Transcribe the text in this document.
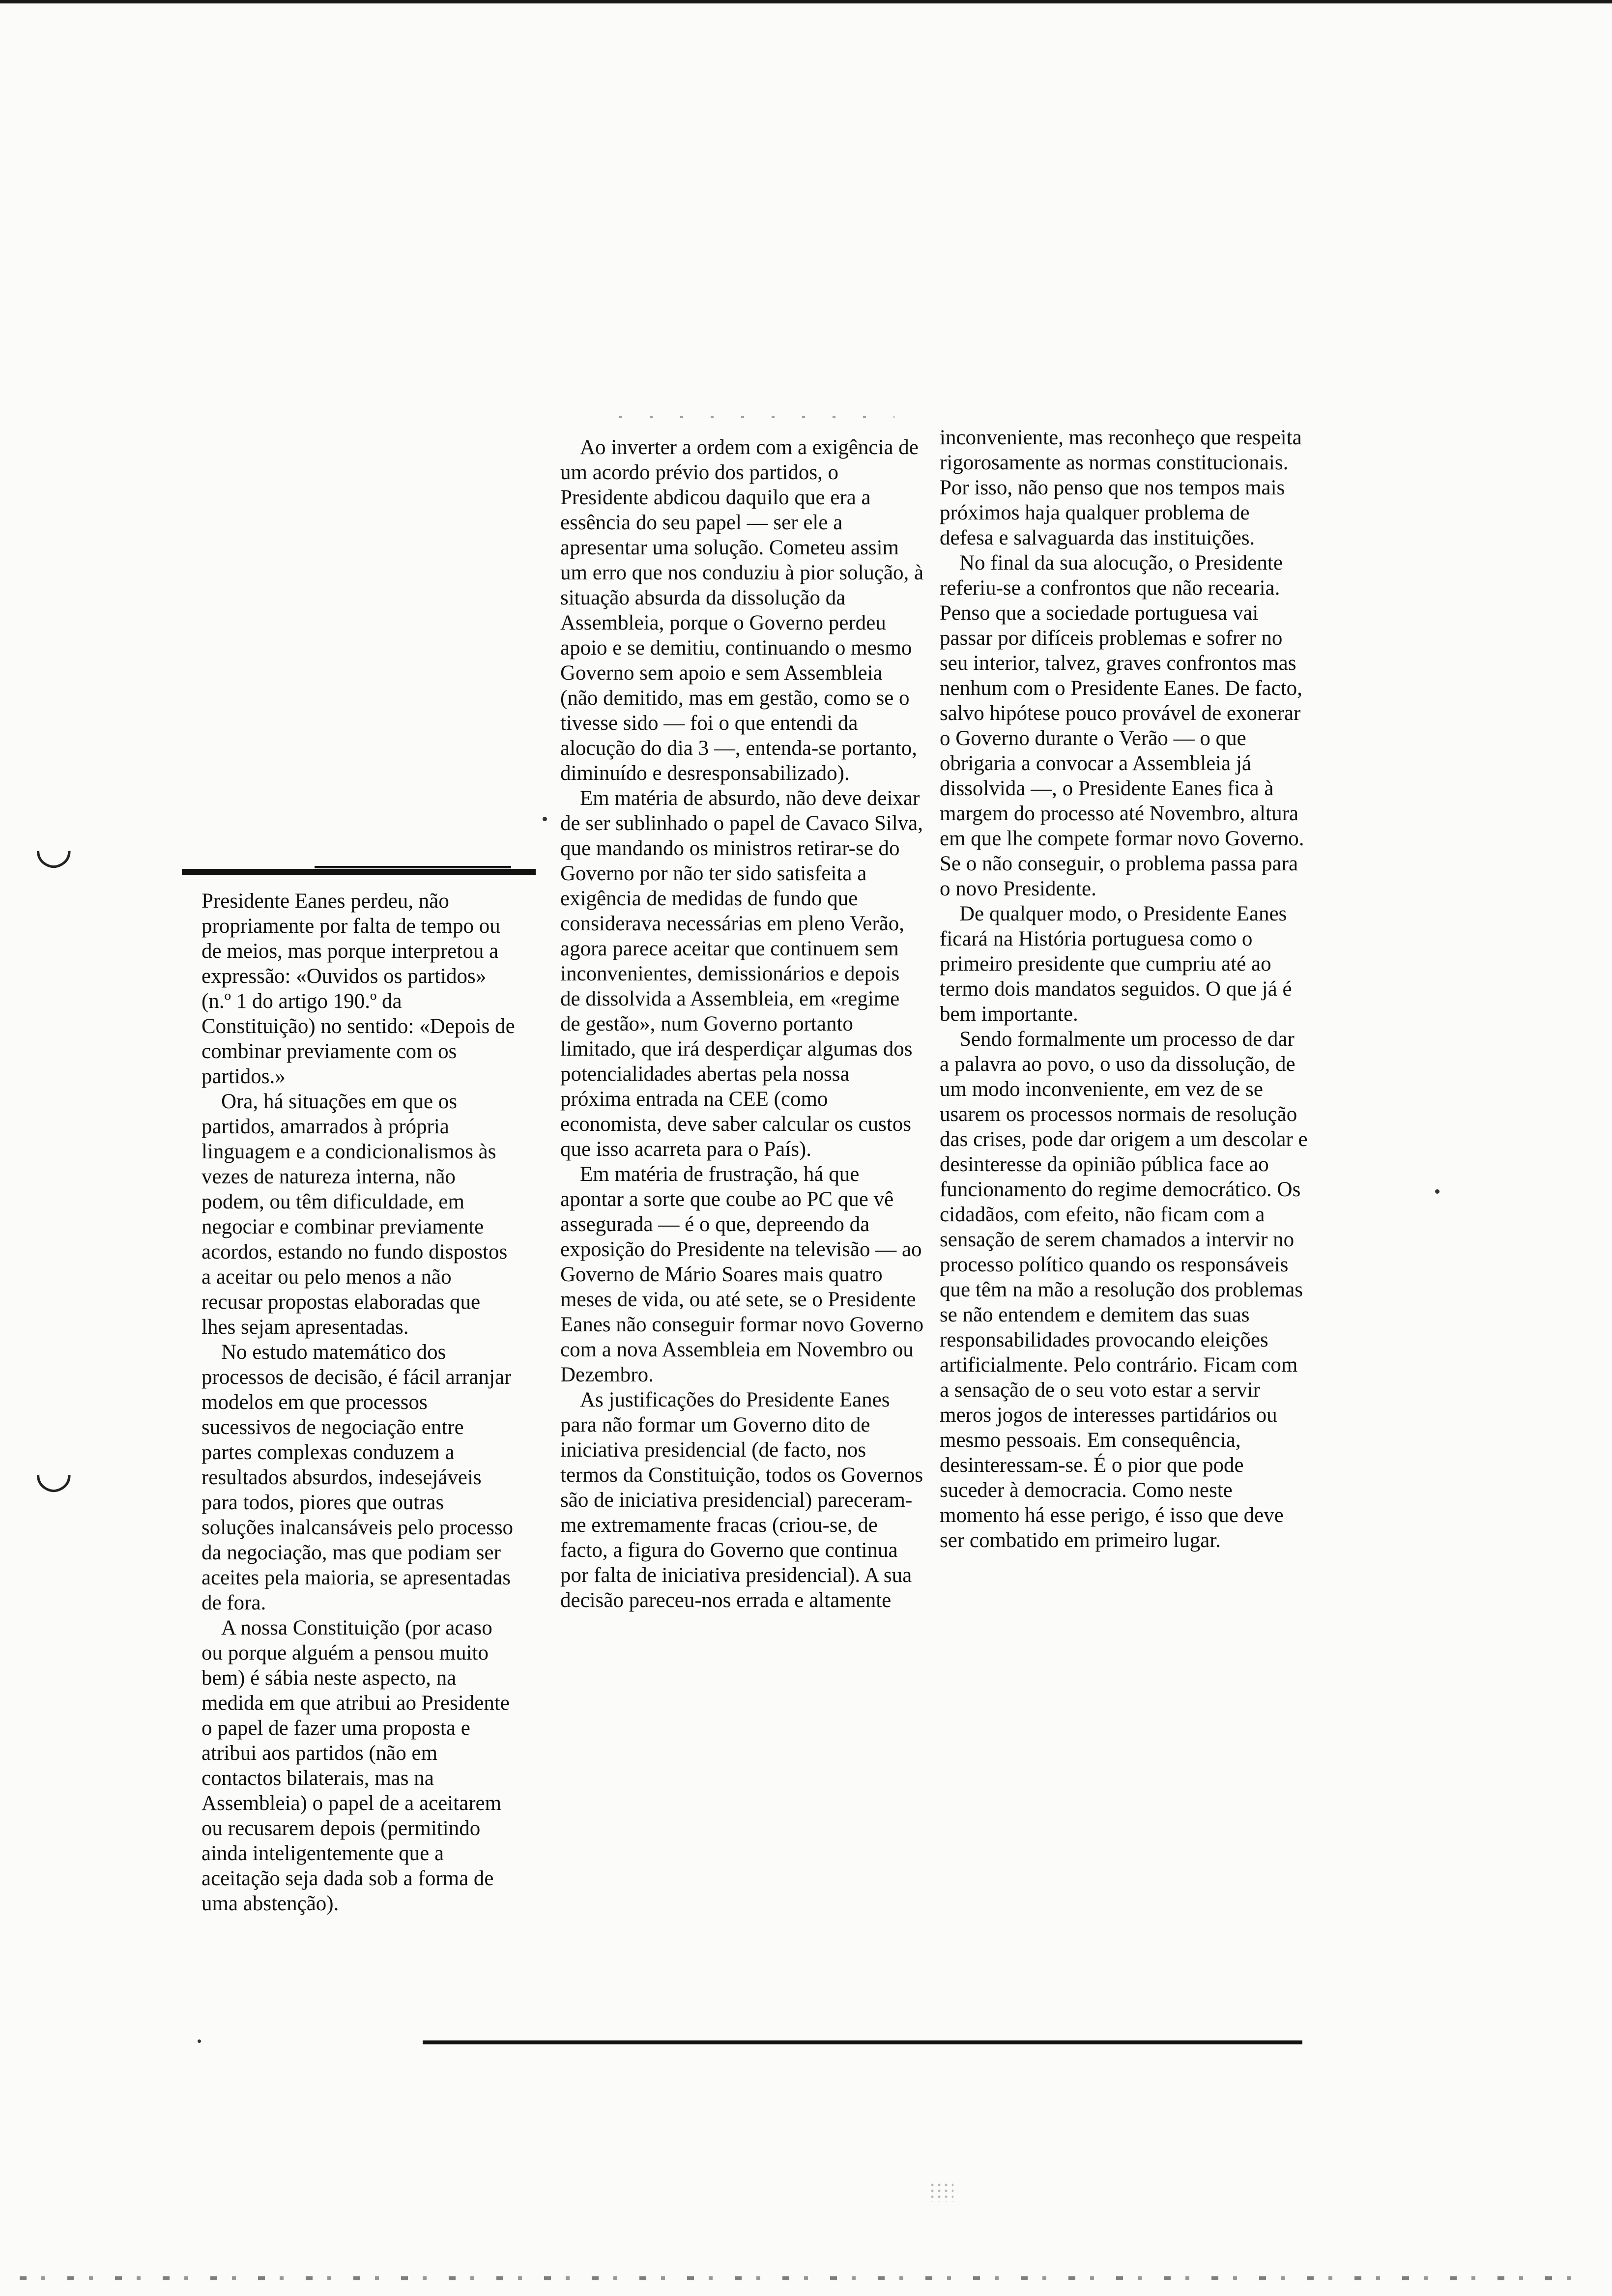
◡
◡

Presidente Eanes perdeu, não propriamente por falta de tempo ou de meios, mas porque interpretou a expressão: «Ouvidos os partidos» (n.º 1 do artigo 190.º da Constituição) no sentido: «Depois de combinar previamente com os partidos.»

Ora, há situações em que os partidos, amarrados à própria linguagem e a condicionalismos às vezes de natureza interna, não podem, ou têm dificuldade, em negociar e combinar previamente acordos, estando no fundo dispostos a aceitar ou pelo menos a não recusar propostas elaboradas que lhes sejam apresentadas.

No estudo matemático dos processos de decisão, é fácil arranjar modelos em que processos sucessivos de negociação entre partes complexas conduzem a resultados absurdos, indesejáveis para todos, piores que outras soluções inalcansáveis pelo processo da negociação, mas que podiam ser aceites pela maioria, se apresentadas de fora.

A nossa Constituição (por acaso ou porque alguém a pensou muito bem) é sábia neste aspecto, na medida em que atribui ao Presidente o papel de fazer uma proposta e atribui aos partidos (não em contactos bilaterais, mas na Assembleia) o papel de a aceitarem ou recusarem depois (permitindo ainda inteligentemente que a aceitação seja dada sob a forma de uma abstenção).

Ao inverter a ordem com a exigência de um acordo prévio dos partidos, o Presidente abdicou daquilo que era a essência do seu papel — ser ele a apresentar uma solução. Cometeu assim um erro que nos conduziu à pior solução, à situação absurda da dissolução da Assembleia, porque o Governo perdeu apoio e se demitiu, continuando o mesmo Governo sem apoio e sem Assembleia (não demitido, mas em gestão, como se o tivesse sido — foi o que entendi da alocução do dia 3 —, entenda-se portanto, diminuído e desresponsabilizado).

Em matéria de absurdo, não deve deixar de ser sublinhado o papel de Cavaco Silva, que mandando os ministros retirar-se do Governo por não ter sido satisfeita a exigência de medidas de fundo que considerava necessárias em pleno Verão, agora parece aceitar que continuem sem inconvenientes, demissionários e depois de dissolvida a Assembleia, em «regime de gestão», num Governo portanto limitado, que irá desperdiçar algumas dos potencialidades abertas pela nossa próxima entrada na CEE (como economista, deve saber calcular os custos que isso acarreta para o País).

Em matéria de frustração, há que apontar a sorte que coube ao PC que vê assegurada — é o que, depreendo da exposição do Presidente na televisão — ao Governo de Mário Soares mais quatro meses de vida, ou até sete, se o Presidente Eanes não conseguir formar novo Governo com a nova Assembleia em Novembro ou Dezembro.

As justificações do Presidente Eanes para não formar um Governo dito de iniciativa presidencial (de facto, nos termos da Constituição, todos os Governos são de iniciativa presidencial) pareceram-me extremamente fracas (criou-se, de facto, a figura do Governo que continua por falta de iniciativa presidencial). A sua decisão pareceu-nos errada e altamente

inconveniente, mas reconheço que respeita rigorosamente as normas constitucionais. Por isso, não penso que nos tempos mais próximos haja qualquer problema de defesa e salvaguarda das instituições.

No final da sua alocução, o Presidente referiu-se a confrontos que não recearia. Penso que a sociedade portuguesa vai passar por difíceis problemas e sofrer no seu interior, talvez, graves confrontos mas nenhum com o Presidente Eanes. De facto, salvo hipótese pouco provável de exonerar o Governo durante o Verão — o que obrigaria a convocar a Assembleia já dissolvida —, o Presidente Eanes fica à margem do processo até Novembro, altura em que lhe compete formar novo Governo. Se o não conseguir, o problema passa para o novo Presidente.

De qualquer modo, o Presidente Eanes ficará na História portuguesa como o primeiro presidente que cumpriu até ao termo dois mandatos seguidos. O que já é bem importante.

Sendo formalmente um processo de dar a palavra ao povo, o uso da dissolução, de um modo inconveniente, em vez de se usarem os processos normais de resolução das crises, pode dar origem a um descolar e desinteresse da opinião pública face ao funcionamento do regime democrático. Os cidadãos, com efeito, não ficam com a sensação de serem chamados a intervir no processo político quando os responsáveis que têm na mão a resolução dos problemas se não entendem e demitem das suas responsabilidades provocando eleições artificialmente. Pelo contrário. Ficam com a sensação de o seu voto estar a servir meros jogos de interesses partidários ou mesmo pessoais. Em consequência, desinteressam-se. É o pior que pode suceder à democracia. Como neste momento há esse perigo, é isso que deve ser combatido em primeiro lugar.
